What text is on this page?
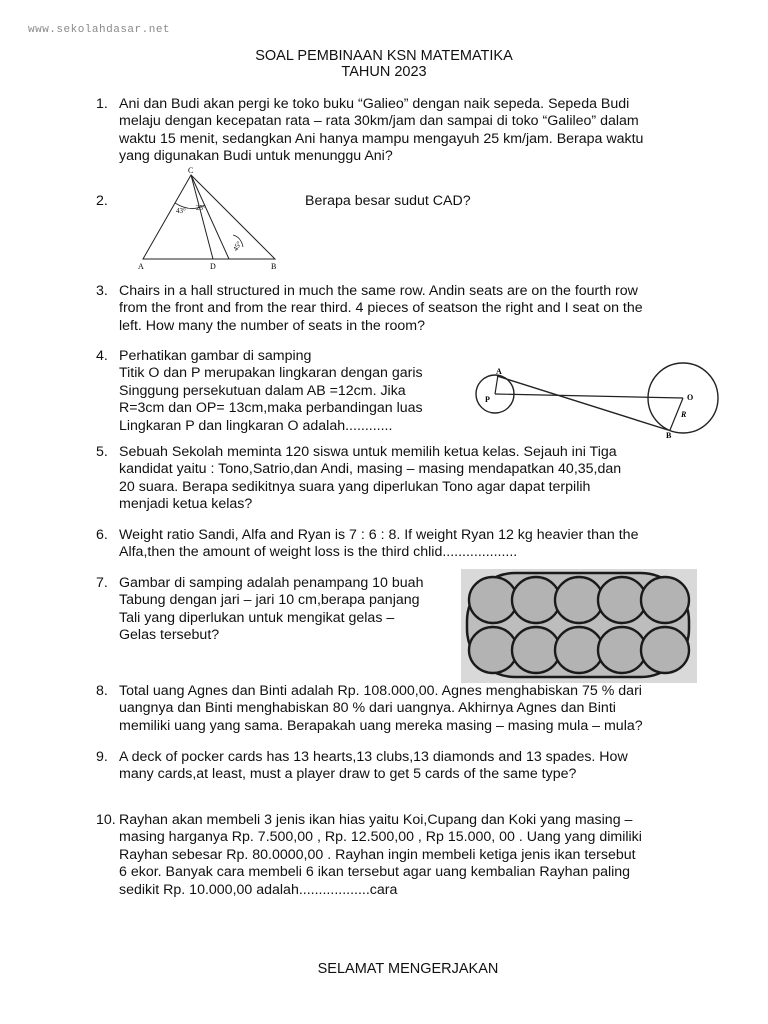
www.sekolahdasar.net
SOAL PEMBINAAN KSN MATEMATIKA
TAHUN 2023
1. Ani dan Budi akan pergi ke toko buku “Galieo” dengan naik sepeda. Sepeda Budi
melaju dengan kecepatan rata – rata 30km/jam dan sampai di toko “Galileo” dalam
waktu 15 menit, sedangkan Ani hanya mampu mengayuh 25 km/jam. Berapa waktu
yang digunakan Budi untuk menunggu Ani?
2.	Berapa besar sudut CAD?
C
A	D	B
43° 25°
45°
3. Chairs in a hall structured in much the same row. Andin seats are on the fourth row
from the front and from the rear third. 4 pieces of seatson the right and I seat on the
left. How many the number of seats in the room?
4. Perhatikan gambar di samping
Titik O dan P merupakan lingkaran dengan garis
Singgung persekutuan dalam AB =12cm. Jika
R=3cm dan OP= 13cm,maka perbandingan luas
Lingkaran P dan lingkaran O adalah............
A
P	O
R
B
5. Sebuah Sekolah meminta 120 siswa untuk memilih ketua kelas. Sejauh ini Tiga
kandidat yaitu : Tono,Satrio,dan Andi, masing – masing mendapatkan 40,35,dan
20 suara. Berapa sedikitnya suara yang diperlukan Tono agar dapat terpilih
menjadi ketua kelas?
6. Weight ratio Sandi, Alfa and Ryan is 7 : 6 : 8. If weight Ryan 12 kg heavier than the
Alfa,then the amount of weight loss is the third chlid...................
7. Gambar di samping adalah penampang 10 buah
Tabung dengan jari – jari 10 cm,berapa panjang
Tali yang diperlukan untuk mengikat gelas –
Gelas tersebut?
8. Total uang Agnes dan Binti adalah Rp. 108.000,00. Agnes menghabiskan 75 % dari
uangnya dan Binti menghabiskan 80 % dari uangnya. Akhirnya Agnes dan Binti
memiliki uang yang sama. Berapakah uang mereka masing – masing mula – mula?
9. A deck of pocker cards has 13 hearts,13 clubs,13 diamonds and 13 spades. How
many cards,at least, must a player draw to get 5 cards of the same type?
10. Rayhan akan membeli 3 jenis ikan hias yaitu Koi,Cupang dan Koki yang masing –
masing harganya Rp. 7.500,00 , Rp. 12.500,00 , Rp 15.000, 00 . Uang yang dimiliki
Rayhan sebesar Rp. 80.0000,00 . Rayhan ingin membeli ketiga jenis ikan tersebut
6 ekor. Banyak cara membeli 6 ikan tersebut agar uang kembalian Rayhan paling
sedikit Rp. 10.000,00 adalah..................cara
SELAMAT MENGERJAKAN
